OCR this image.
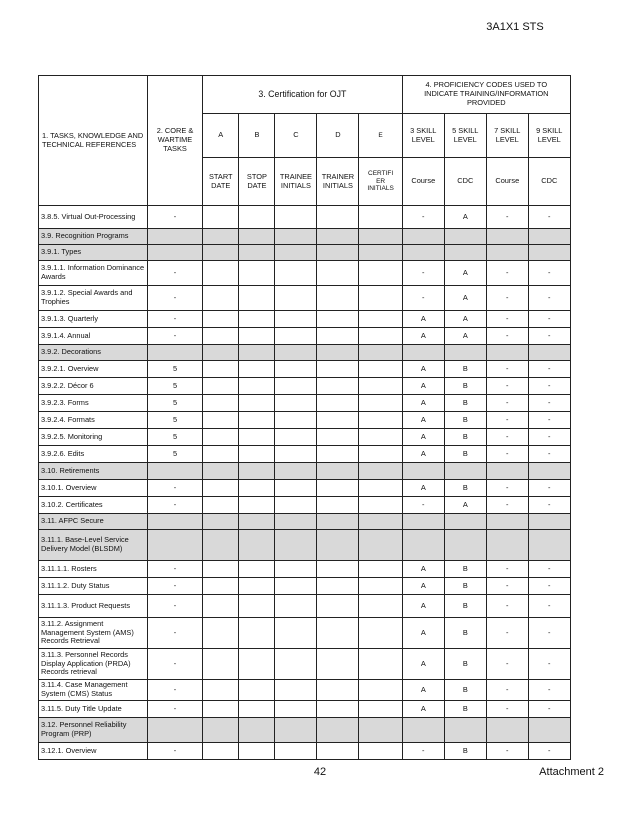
3A1X1 STS
1. TASKS, KNOWLEDGE AND TECHNICAL REFERENCES	2. CORE & WARTIME TASKS	3. Certification for OJT					4. PROFICIENCY CODES USED TO INDICATE TRAINING/INFORMATION PROVIDED			
		A	B	C	D	E	3 SKILL LEVEL	5 SKILL LEVEL	7 SKILL LEVEL	9 SKILL LEVEL
		START DATE	STOP DATE	TRAINEE INITIALS	TRAINER INITIALS	CERTIFI ER INITIALS	Course	CDC	Course	CDC
3.8.5. Virtual Out-Processing	-						-	A	-	-
3.9. Recognition Programs										
3.9.1. Types										
3.9.1.1. Information Dominance Awards	-						-	A	-	-
3.9.1.2. Special Awards and Trophies	-						-	A	-	-
3.9.1.3. Quarterly	-						A	A	-	-
3.9.1.4. Annual	-						A	A	-	-
3.9.2. Decorations										
3.9.2.1. Overview	5						A	B	-	-
3.9.2.2. Décor 6	5						A	B	-	-
3.9.2.3. Forms	5						A	B	-	-
3.9.2.4. Formats	5						A	B	-	-
3.9.2.5. Monitoring	5						A	B	-	-
3.9.2.6. Edits	5						A	B	-	-
3.10. Retirements										
3.10.1. Overview	-						A	B	-	-
3.10.2. Certificates	-						-	A	-	-
3.11. AFPC Secure										
3.11.1. Base-Level Service Delivery Model (BLSDM)										
3.11.1.1. Rosters	-						A	B	-	-
3.11.1.2. Duty Status	-						A	B	-	-
3.11.1.3. Product Requests	-						A	B	-	-
3.11.2. Assignment Management System (AMS) Records Retrieval	-						A	B	-	-
3.11.3. Personnel Records Display Application (PRDA) Records retrieval	-						A	B	-	-
3.11.4. Case Management System (CMS) Status	-						A	B	-	-
3.11.5. Duty Title Update	-						A	B	-	-
3.12. Personnel Reliability Program (PRP)										
3.12.1. Overview	-						-	B	-	-
42	Attachment 2
